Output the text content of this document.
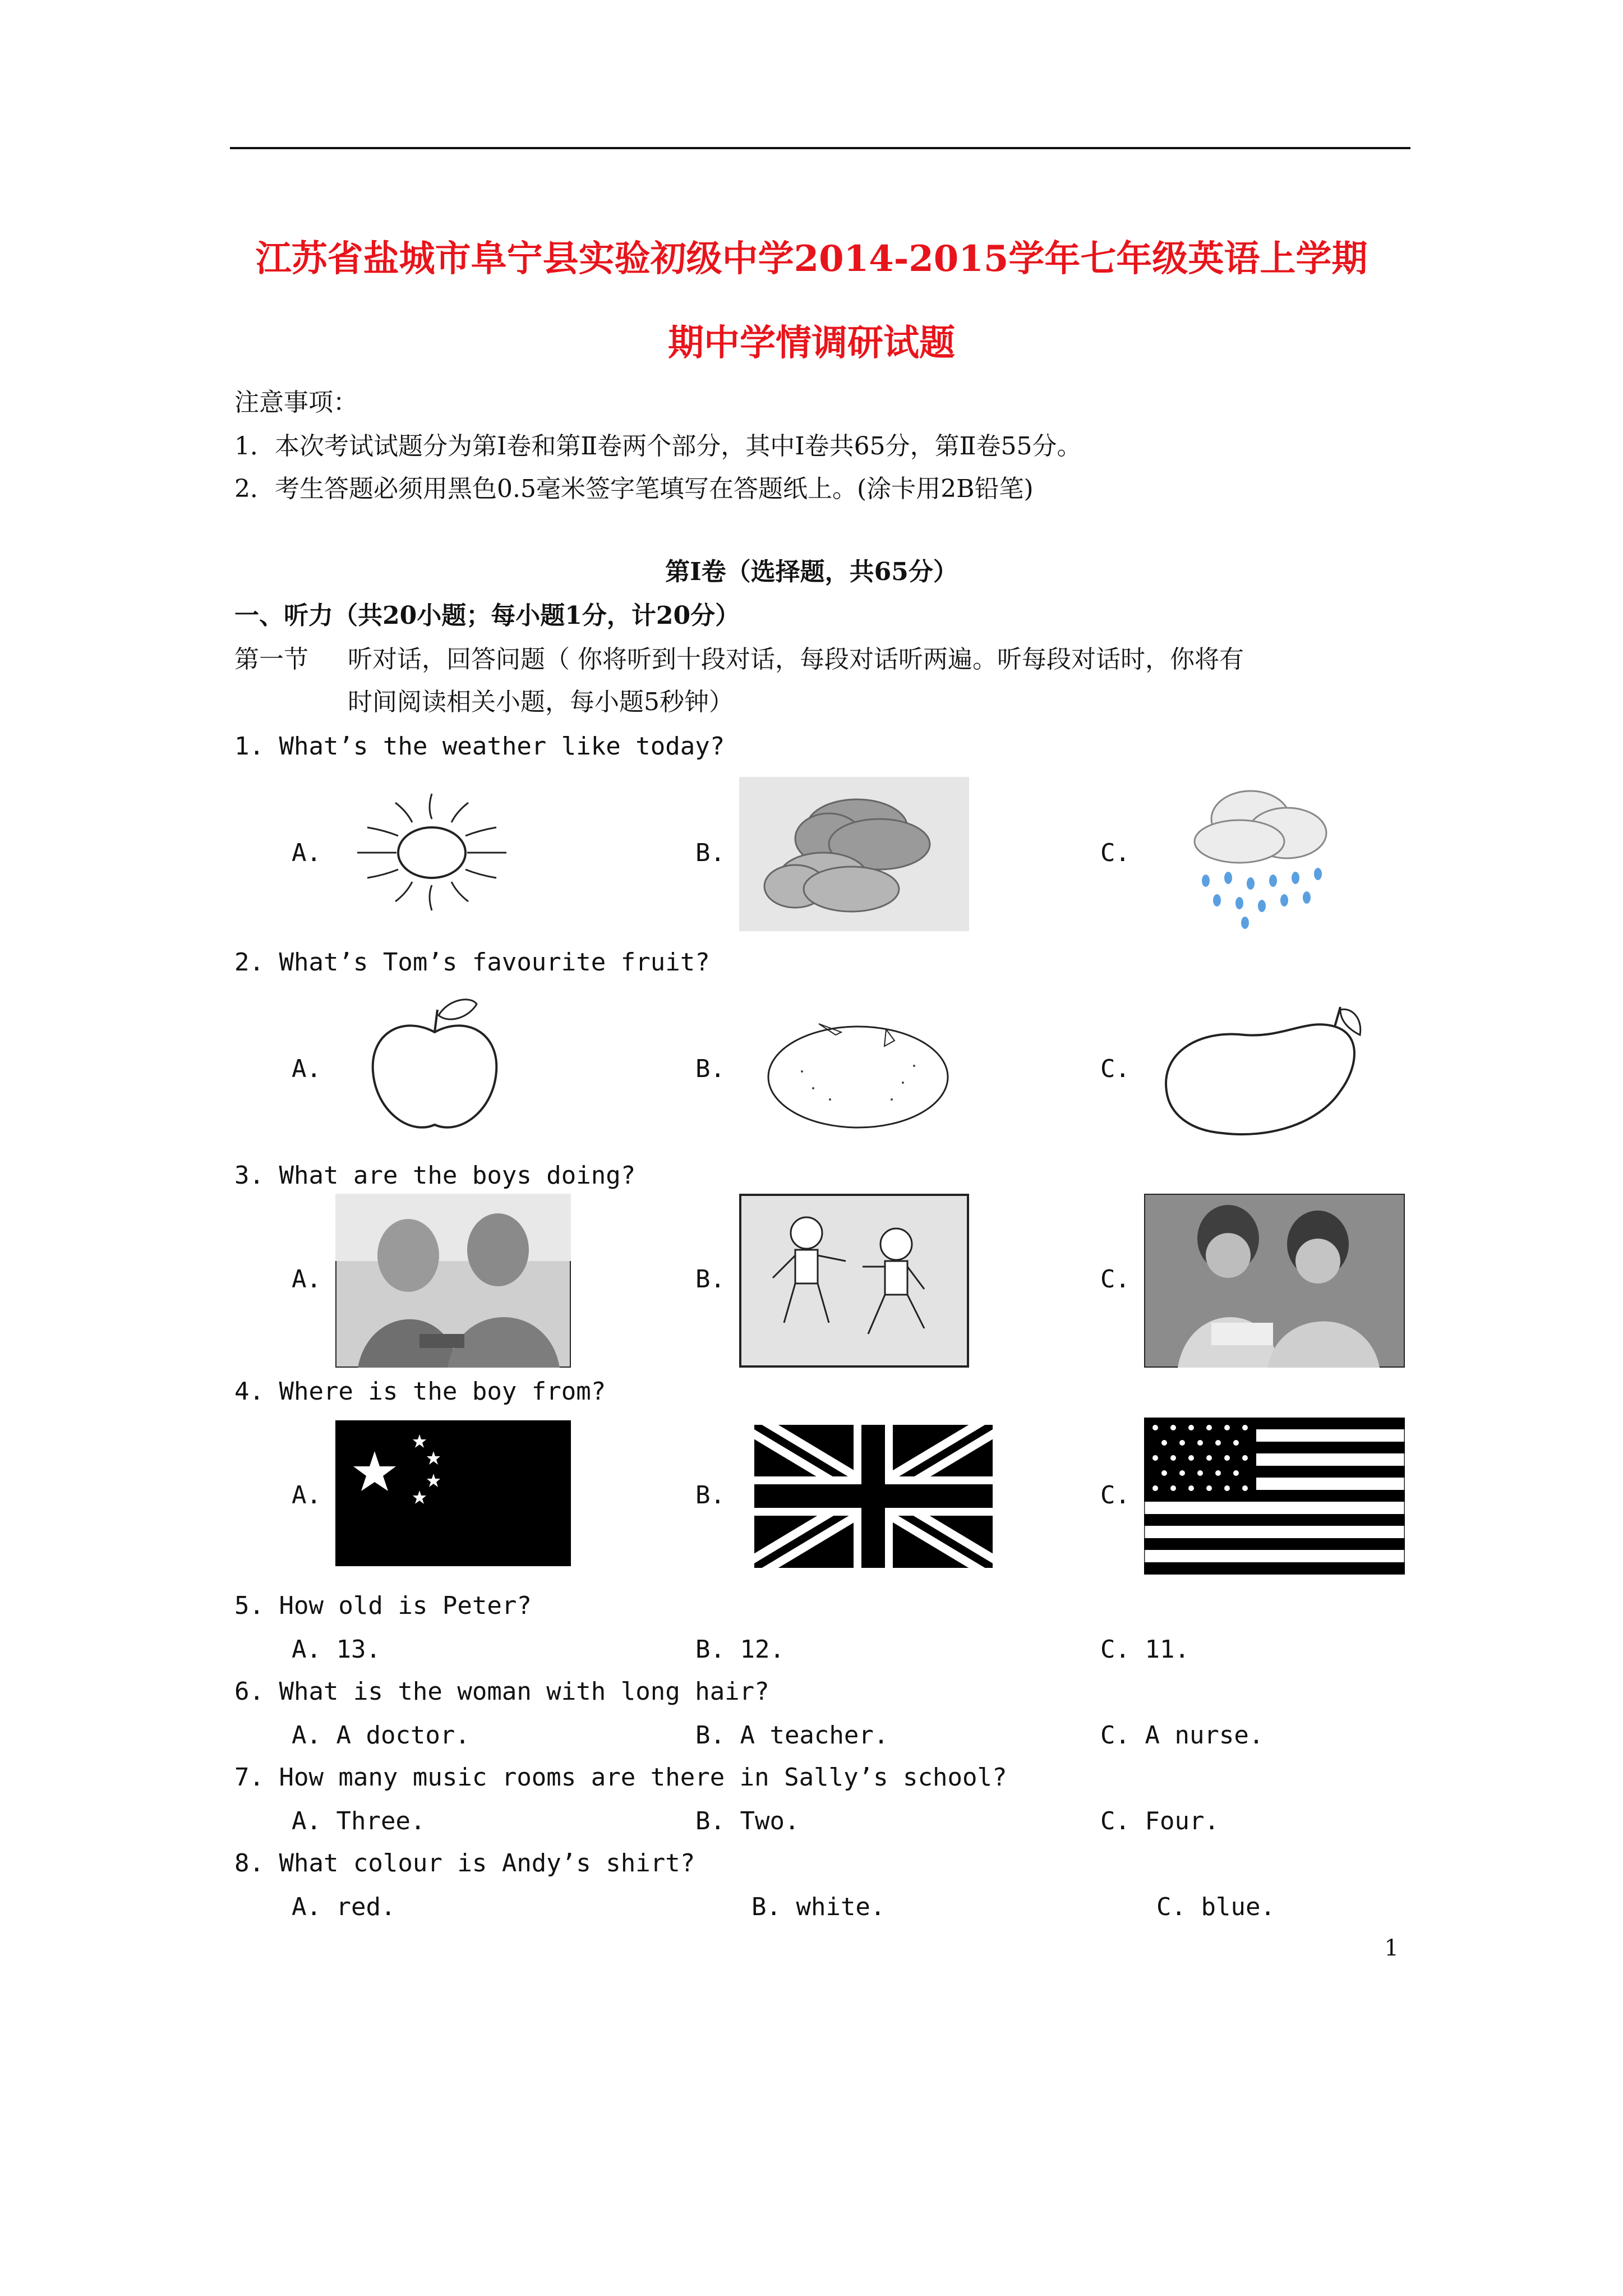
江苏省盐城市阜宁县实验初级中学2014-2015学年七年级英语上学期
期中学情调研试题
注意事项：
1．本次考试试题分为第Ⅰ卷和第Ⅱ卷两个部分，其中Ⅰ卷共65分，第Ⅱ卷55分。
2．考生答题必须用黑色0.5毫米签字笔填写在答题纸上。(涂卡用2B铅笔)
第Ⅰ卷（选择题，共65分）
一、听力（共20小题；每小题1分，计20分）
第一节 听对话，回答问题（ 你将听到十段对话，每段对话听两遍。听每段对话时，你将有
时间阅读相关小题，每小题5秒钟）
1. What’s the weather like today?
A.	B.	C.
2. What’s Tom’s favourite fruit?
A.	B.	C.
3. What are the boys doing?
A.	B.	C.
4. Where is the boy from?
A.	B.	C.
5. How old is Peter?
A. 13.	B. 12.	C. 11.
6. What is the woman with long hair?
A. A doctor.	B. A teacher.	C. A nurse.
7. How many music rooms are there in Sally’s school?
A. Three.	B. Two.	C. Four.
8. What colour is Andy’s shirt?
A. red.	B. white.	C. blue.
1
